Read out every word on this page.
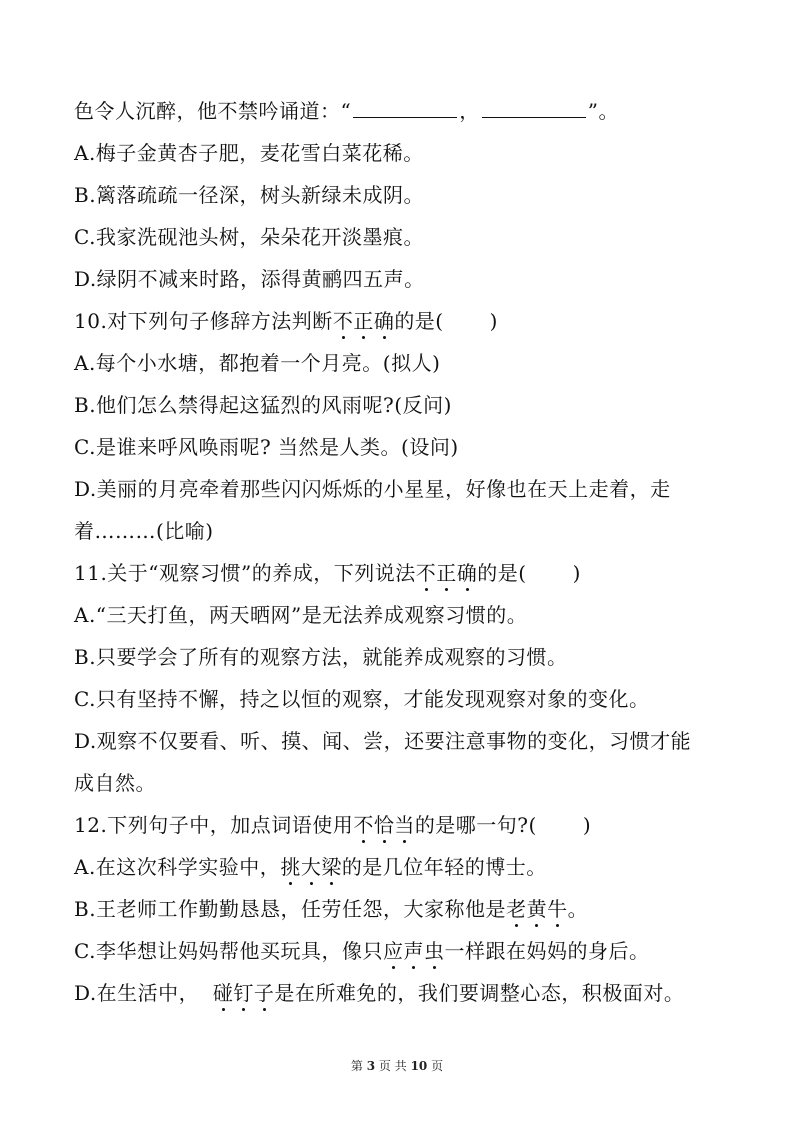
色令人沉醉，他不禁吟诵道：“	，	”。
A.梅子金黄杏子肥，麦花雪白菜花稀。
B.篱落疏疏一径深，树头新绿未成阴。
C.我家洗砚池头树，朵朵花开淡墨痕。
D.绿阴不减来时路，添得黄鹂四五声。
10.对下列句子修辞方法判断不正确的是( )
A.每个小水塘，都抱着一个月亮。(拟人)
B.他们怎么禁得起这猛烈的风雨呢?(反问)
C.是谁来呼风唤雨呢? 当然是人类。(设问)
D.美丽的月亮牵着那些闪闪烁烁的小星星，好像也在天上走着，走
着………(比喻)
11.关于“观察习惯”的养成，下列说法不正确的是( )
A.“三天打鱼，两天晒网”是无法养成观察习惯的。
B.只要学会了所有的观察方法，就能养成观察的习惯。
C.只有坚持不懈，持之以恒的观察，才能发现观察对象的变化。
D.观察不仅要看、听、摸、闻、尝，还要注意事物的变化，习惯才能
成自然。
12.下列句子中，加点词语使用不恰当的是哪一句?( )
A.在这次科学实验中，挑大梁的是几位年轻的博士。
B.王老师工作勤勤恳恳，任劳任怨，大家称他是老黄牛。
C.李华想让妈妈帮他买玩具，像只应声虫一样跟在妈妈的身后。
D.在生活中，  碰钉子是在所难免的，我们要调整心态，积极面对。
第 3 页 共 10 页
